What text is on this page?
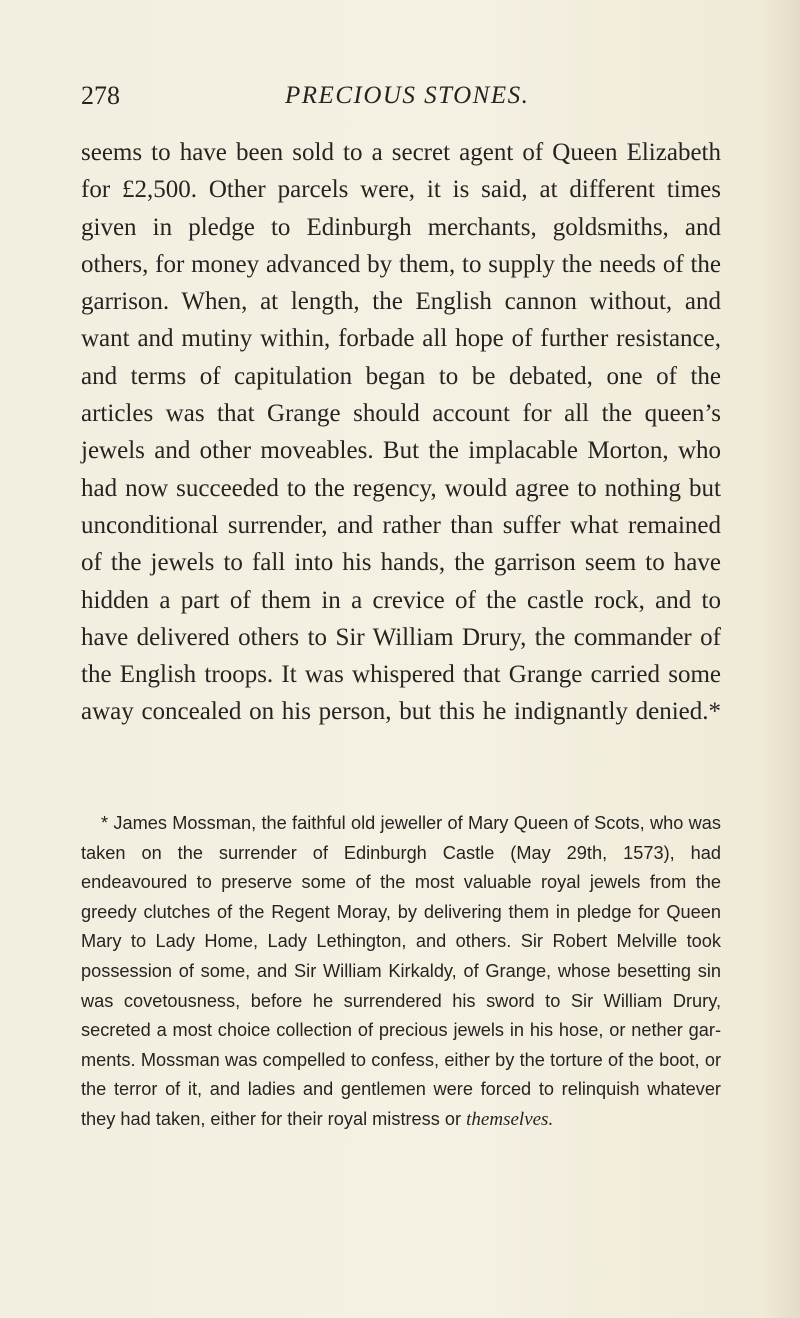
278	PRECIOUS STONES.

seems to have been sold to a secret agent of Queen Elizabeth for £2,500. Other parcels were, it is said, at different times given in pledge to Edinburgh merchants, goldsmiths, and others, for money advanced by them, to supply the needs of the garrison. When, at length, the English cannon without, and want and mutiny within, forbade all hope of further resistance, and terms of capitulation began to be debated, one of the articles was that Grange should account for all the queen’s jewels and other moveables. But the implacable Morton, who had now succeeded to the regency, would agree to nothing but unconditional surrender, and rather than suffer what remained of the jewels to fall into his hands, the garrison seem to have hidden a part of them in a crevice of the castle rock, and to have delivered others to Sir William Drury, the commander of the English troops. It was whispered that Grange carried some away concealed on his person, but this he indignantly denied.*

* James Mossman, the faithful old jeweller of Mary Queen of Scots, who was taken on the surrender of Edinburgh Castle (May 29th, 1573), had endeavoured to preserve some of the most valuable royal jewels from the greedy clutches of the Regent Moray, by delivering them in pledge for Queen Mary to Lady Home, Lady Lethington, and others. Sir Robert Melville took possession of some, and Sir William Kirkaldy, of Grange, whose besetting sin was covetousness, before he surrendered his sword to Sir William Drury, secreted a most choice collection of precious jewels in his hose, or nether garments. Mossman was compelled to confess, either by the torture of the boot, or the terror of it, and ladies and gentlemen were forced to relinquish whatever they had taken, either for their royal mistress or themselves.
